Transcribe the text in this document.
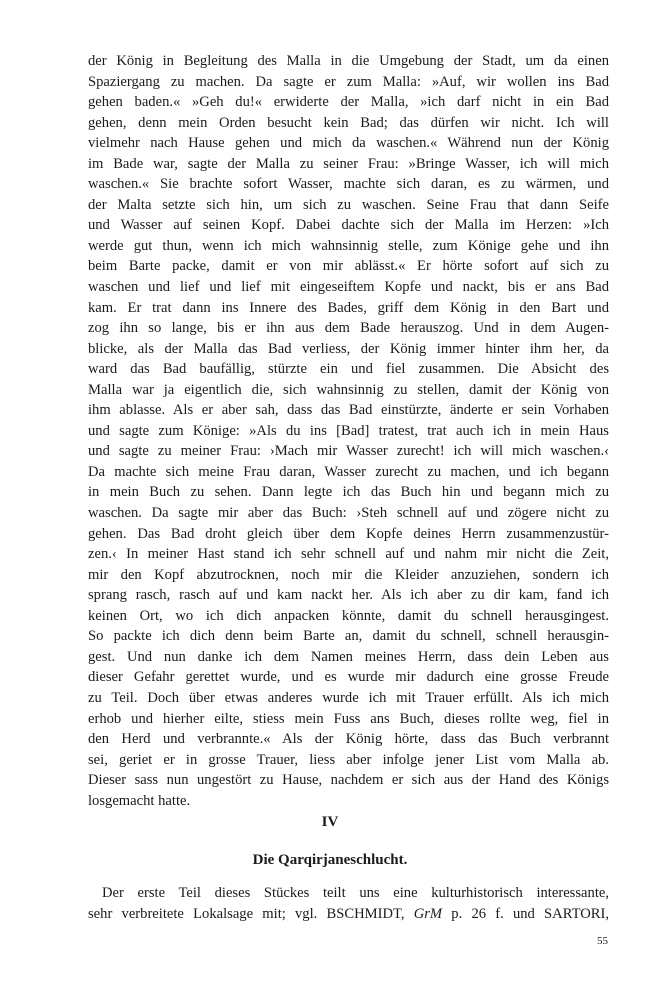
der König in Begleitung des Malla in die Umgebung der Stadt, um da einen
Spaziergang zu machen. Da sagte er zum Malla: »Auf, wir wollen ins Bad
gehen baden.« »Geh du!« erwiderte der Malla, »ich darf nicht in ein Bad
gehen, denn mein Orden besucht kein Bad; das dürfen wir nicht. Ich will
vielmehr nach Hause gehen und mich da waschen.« Während nun der König
im Bade war, sagte der Malla zu seiner Frau: »Bringe Wasser, ich will mich
waschen.« Sie brachte sofort Wasser, machte sich daran, es zu wärmen, und
der Malta setzte sich hin, um sich zu waschen. Seine Frau that dann Seife
und Wasser auf seinen Kopf. Dabei dachte sich der Malla im Herzen: »Ich
werde gut thun, wenn ich mich wahnsinnig stelle, zum Könige gehe und ihn
beim Barte packe, damit er von mir ablässt.« Er hörte sofort auf sich zu
waschen und lief und lief mit eingeseiftem Kopfe und nackt, bis er ans Bad
kam. Er trat dann ins Innere des Bades, griff dem König in den Bart und
zog ihn so lange, bis er ihn aus dem Bade herauszog. Und in dem Augen-
blicke, als der Malla das Bad verliess, der König immer hinter ihm her, da
ward das Bad baufällig, stürzte ein und fiel zusammen. Die Absicht des
Malla war ja eigentlich die, sich wahnsinnig zu stellen, damit der König von
ihm ablasse. Als er aber sah, dass das Bad einstürzte, änderte er sein Vorhaben
und sagte zum Könige: »Als du ins [Bad] tratest, trat auch ich in mein Haus
und sagte zu meiner Frau: ›Mach mir Wasser zurecht! ich will mich waschen.‹
Da machte sich meine Frau daran, Wasser zurecht zu machen, und ich begann
in mein Buch zu sehen. Dann legte ich das Buch hin und begann mich zu
waschen. Da sagte mir aber das Buch: ›Steh schnell auf und zögere nicht zu
gehen. Das Bad droht gleich über dem Kopfe deines Herrn zusammenzustür-
zen.‹ In meiner Hast stand ich sehr schnell auf und nahm mir nicht die Zeit,
mir den Kopf abzutrocknen, noch mir die Kleider anzuziehen, sondern ich
sprang rasch, rasch auf und kam nackt her. Als ich aber zu dir kam, fand ich
keinen Ort, wo ich dich anpacken könnte, damit du schnell herausgingest.
So packte ich dich denn beim Barte an, damit du schnell, schnell herausgin-
gest. Und nun danke ich dem Namen meines Herrn, dass dein Leben aus
dieser Gefahr gerettet wurde, und es wurde mir dadurch eine grosse Freude
zu Teil. Doch über etwas anderes wurde ich mit Trauer erfüllt. Als ich mich
erhob und hierher eilte, stiess mein Fuss ans Buch, dieses rollte weg, fiel in
den Herd und verbrannte.« Als der König hörte, dass das Buch verbrannt
sei, geriet er in grosse Trauer, liess aber infolge jener List vom Malla ab.
Dieser sass nun ungestört zu Hause, nachdem er sich aus der Hand des Königs
losgemacht hatte.
IV
Die Qarqirjaneschlucht.
Der erste Teil dieses Stückes teilt uns eine kulturhistorisch interessante,
sehr verbreitete Lokalsage mit; vgl. BSCHMIDT, GrM p. 26 f. und SARTORI,
55
